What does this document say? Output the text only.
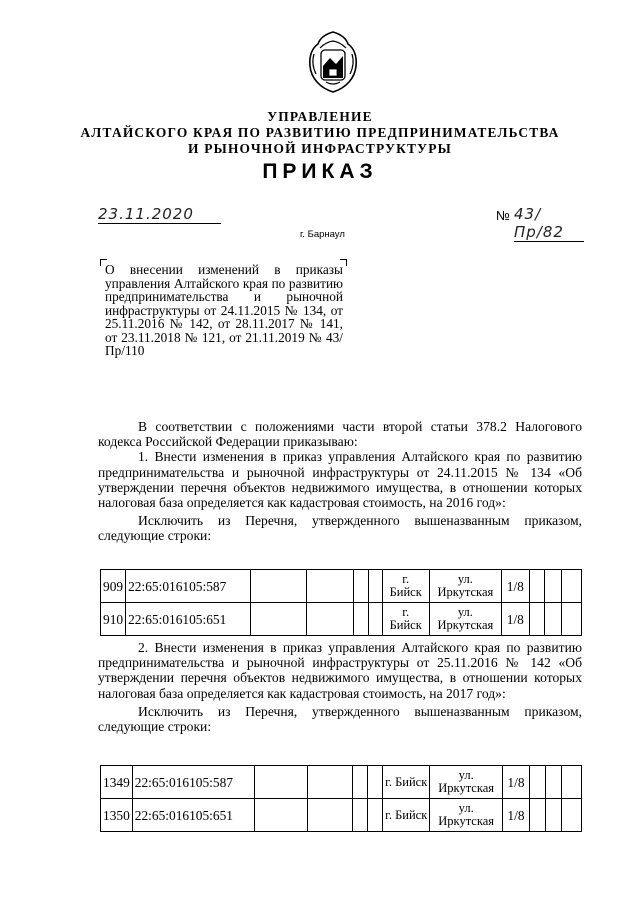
УПРАВЛЕНИЕ
АЛТАЙСКОГО КРАЯ ПО РАЗВИТИЮ ПРЕДПРИНИМАТЕЛЬСТВА
И РЫНОЧНОЙ ИНФРАСТРУКТУРЫ
ПРИКАЗ
23.11.2020	№ 43/Пр/82
г. Барнаул

О внесении изменений в приказы управления Алтайского края по развитию предпринимательства и рыночной инфраструктуры от 24.11.2015 № 134, от 25.11.2016 № 142, от 28.11.2017 № 141, от 23.11.2018 № 121, от 21.11.2019 № 43/Пр/110

В соответствии с положениями части второй статьи 378.2 Налогового кодекса Российской Федерации приказываю:

1. Внести изменения в приказ управления Алтайского края по развитию предпринимательства и рыночной инфраструктуры от 24.11.2015 № 134 «Об утверждении перечня объектов недвижимого имущества, в отношении которых налоговая база определяется как кадастровая стоимость, на 2016 год»:

Исключить из Перечня, утвержденного вышеназванным приказом, следующие строки:

909	22:65:016105:587					г. Бийск	ул. Иркутская	1/8			
910	22:65:016105:651					г. Бийск	ул. Иркутская	1/8			

2. Внести изменения в приказ управления Алтайского края по развитию предпринимательства и рыночной инфраструктуры от 25.11.2016 № 142 «Об утверждении перечня объектов недвижимого имущества, в отношении которых налоговая база определяется как кадастровая стоимость, на 2017 год»:

Исключить из Перечня, утвержденного вышеназванным приказом, следующие строки:

1349	22:65:016105:587					г. Бийск	ул. Иркутская	1/8			
1350	22:65:016105:651					г. Бийск	ул. Иркутская	1/8			
